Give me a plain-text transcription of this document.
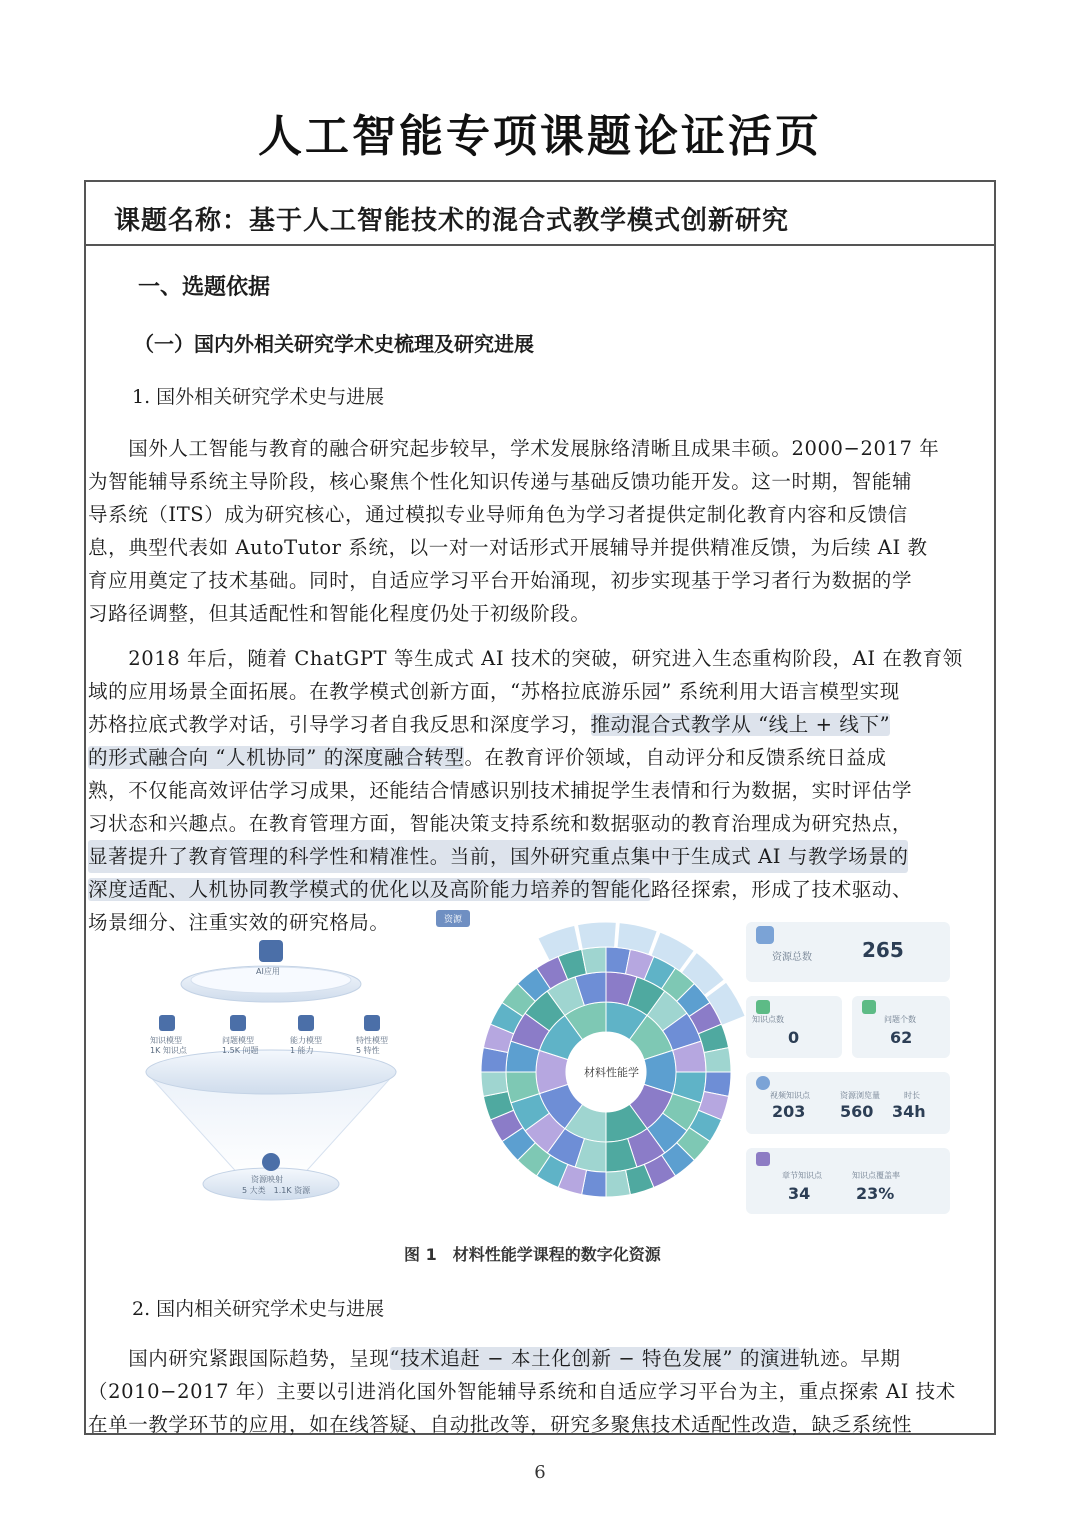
人工智能专项课题论证活页
课题名称：基于人工智能技术的混合式教学模式创新研究
一、选题依据
（一）国内外相关研究学术史梳理及研究进展
1. 国外相关研究学术史与进展

　　国外人工智能与教育的融合研究起步较早，学术发展脉络清晰且成果丰硕。2000−2017 年

为智能辅导系统主导阶段，核心聚焦个性化知识传递与基础反馈功能开发。这一时期，智能辅

导系统（ITS）成为研究核心，通过模拟专业导师角色为学习者提供定制化教育内容和反馈信

息，典型代表如 AutoTutor 系统，以一对一对话形式开展辅导并提供精准反馈，为后续 AI 教

育应用奠定了技术基础。同时，自适应学习平台开始涌现，初步实现基于学习者行为数据的学

习路径调整，但其适配性和智能化程度仍处于初级阶段。

　　2018 年后，随着 ChatGPT 等生成式 AI 技术的突破，研究进入生态重构阶段，AI 在教育领

域的应用场景全面拓展。在教学模式创新方面，“苏格拉底游乐园” 系统利用大语言模型实现

苏格拉底式教学对话，引导学习者自我反思和深度学习，推动混合式教学从 “线上 + 线下”

的形式融合向 “人机协同” 的深度融合转型。在教育评价领域，自动评分和反馈系统日益成

熟，不仅能高效评估学习成果，还能结合情感识别技术捕捉学生表情和行为数据，实时评估学

习状态和兴趣点。在教育管理方面，智能决策支持系统和数据驱动的教育治理成为研究热点，

显著提升了教育管理的科学性和精准性。当前，国外研究重点集中于生成式 AI 与教学场景的

深度适配、人机协同教学模式的优化以及高阶能力培养的智能化路径探索，形成了技术驱动、

场景细分、注重实效的研究格局。

AI应用
知识模型
1K 知识点
问题模型
1.5K 问题
能力模型
1 能力
特性模型
5 特性
资源映射
5 大类　1.1K 资源
资源
材料性能学
资源总数	265
知识点数
0
问题个数
62
视频知识点
203
资源浏览量
560
时长
34h
章节知识点
34
知识点覆盖率
23%
图 1 材料性能学课程的数字化资源
2. 国内相关研究学术史与进展

　　国内研究紧跟国际趋势，呈现“技术追赶 − 本土化创新 − 特色发展” 的演进轨迹。早期

（2010−2017 年）主要以引进消化国外智能辅导系统和自适应学习平台为主，重点探索 AI 技术

在单一教学环节的应用，如在线答疑、自动批改等，研究多聚焦技术适配性改造，缺乏系统性

6
